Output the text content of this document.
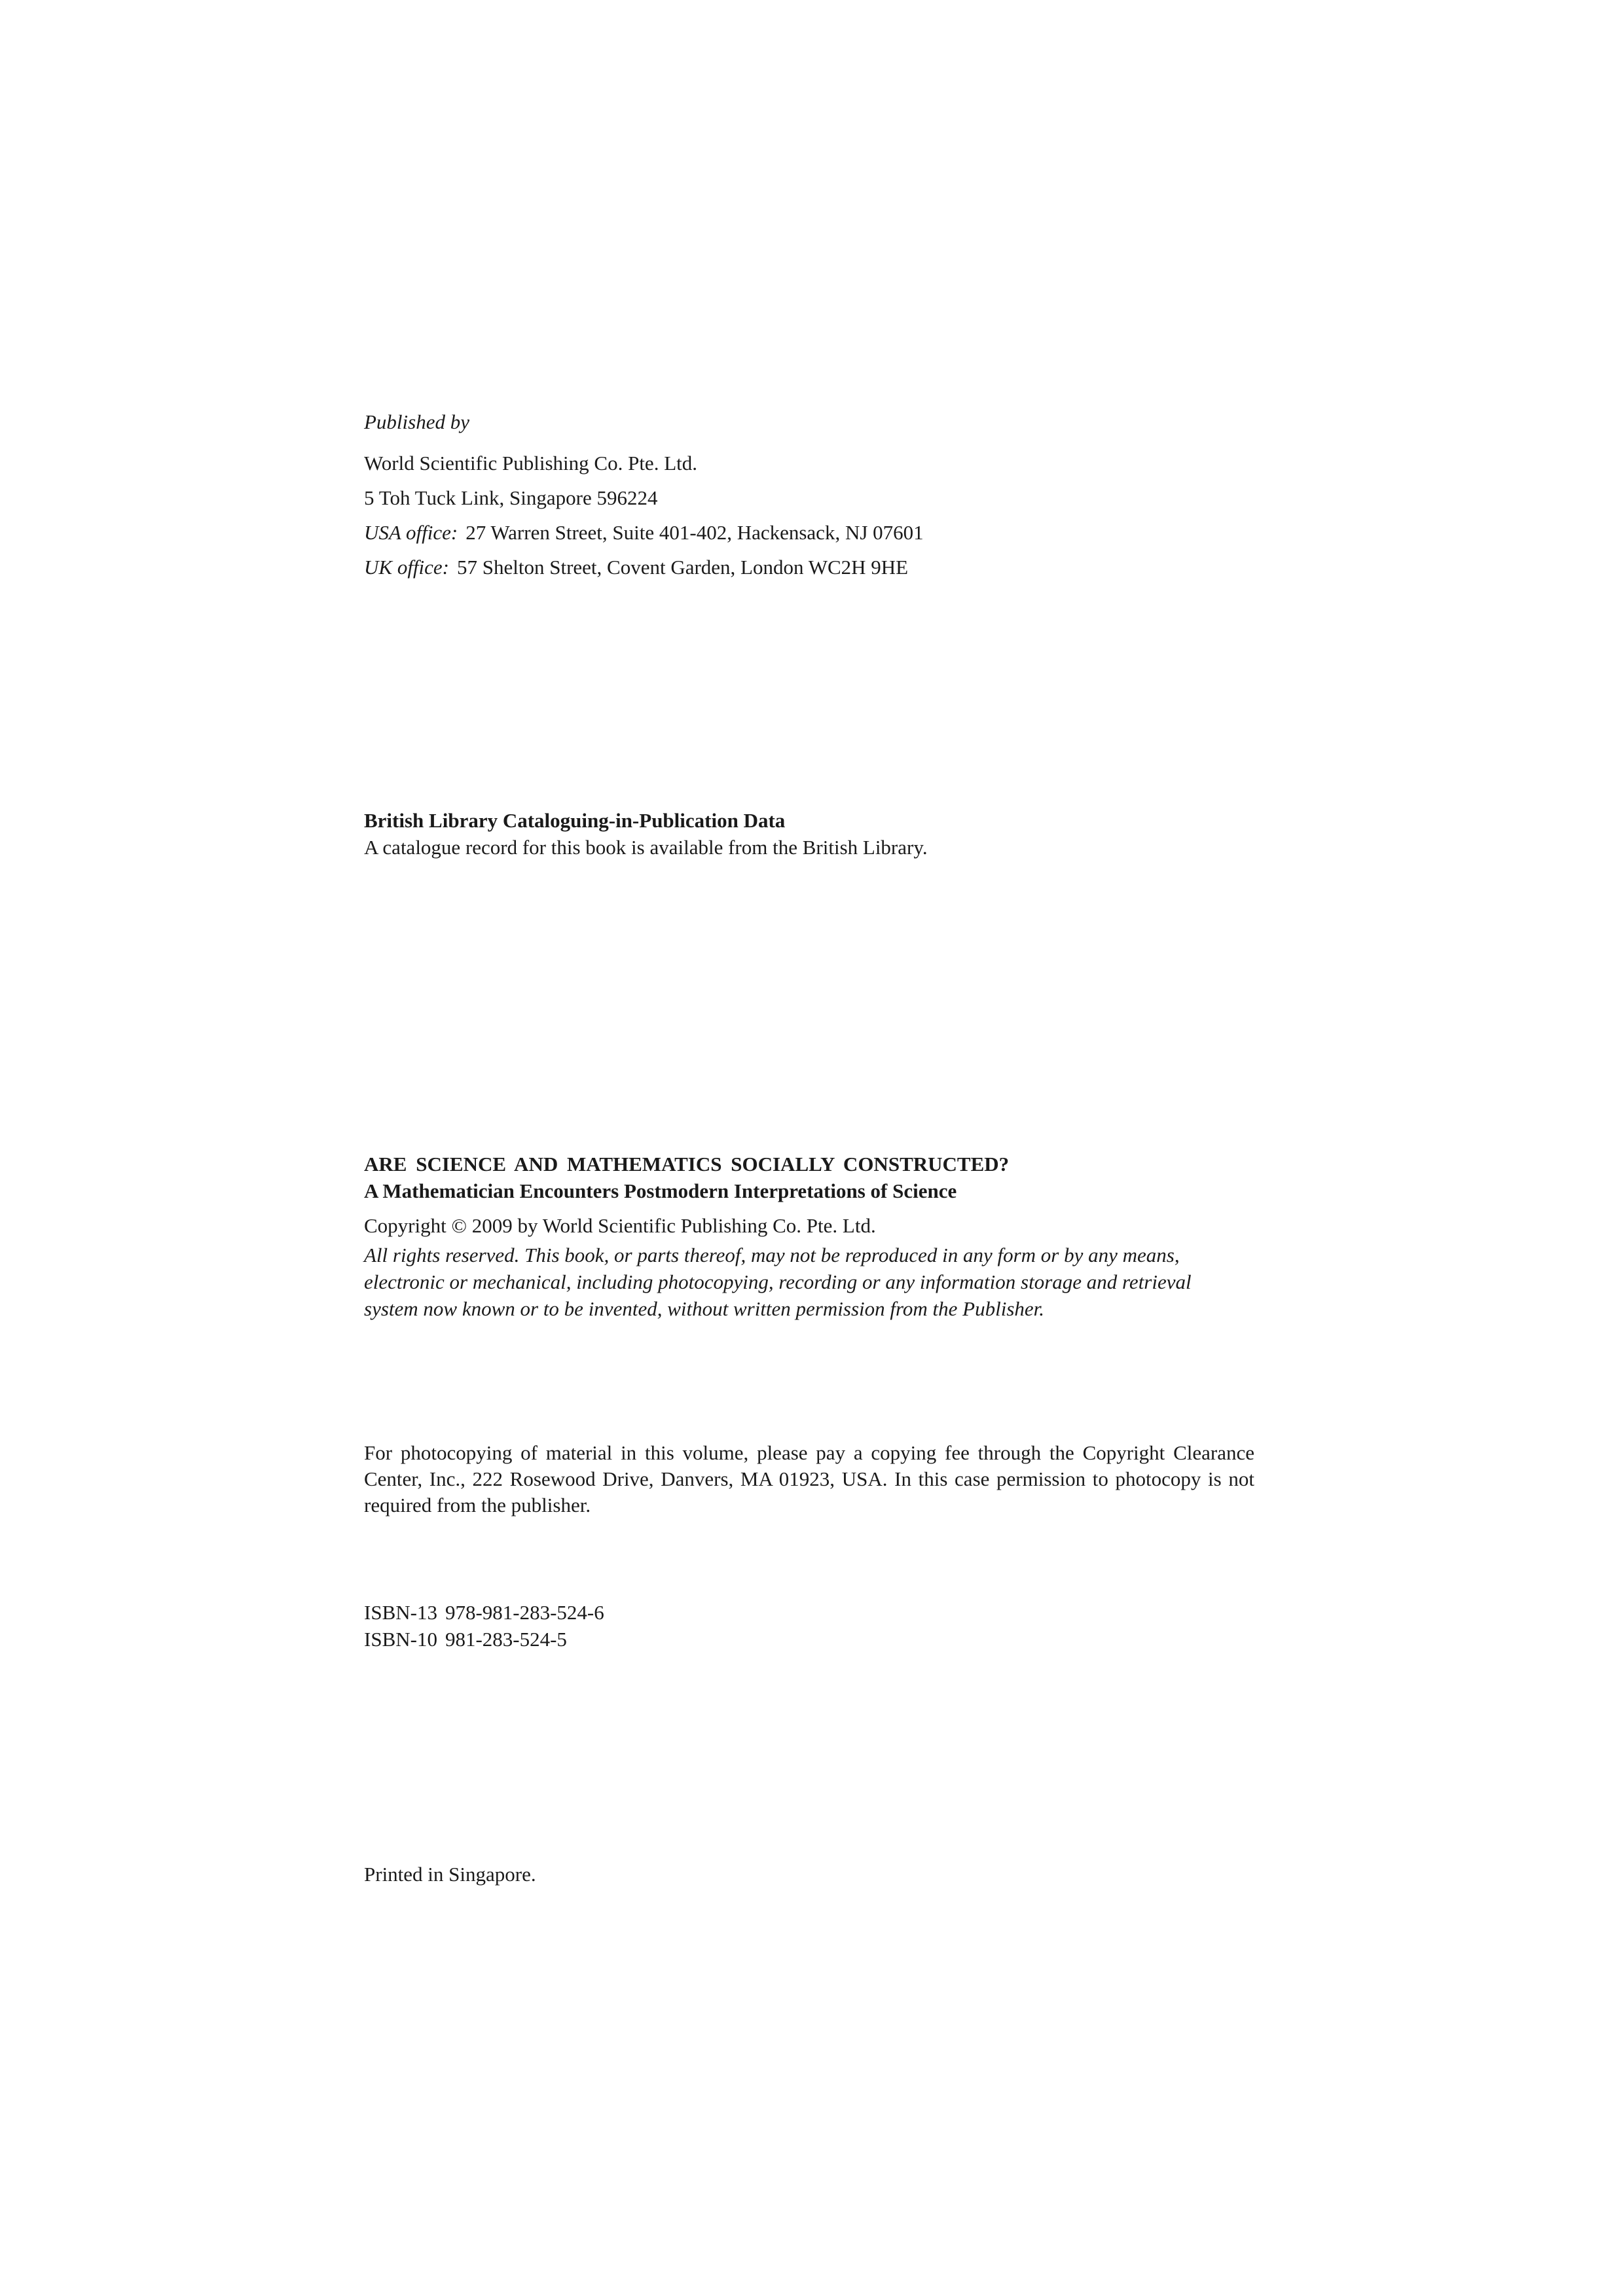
Published by
World Scientific Publishing Co. Pte. Ltd.
5 Toh Tuck Link, Singapore 596224
USA office: 27 Warren Street, Suite 401-402, Hackensack, NJ 07601
UK office: 57 Shelton Street, Covent Garden, London WC2H 9HE
British Library Cataloguing-in-Publication Data
A catalogue record for this book is available from the British Library.
ARE SCIENCE AND MATHEMATICS SOCIALLY CONSTRUCTED?
A Mathematician Encounters Postmodern Interpretations of Science
Copyright © 2009 by World Scientific Publishing Co. Pte. Ltd.
All rights reserved. This book, or parts thereof, may not be reproduced in any form or by any means,
electronic or mechanical, including photocopying, recording or any information storage and retrieval
system now known or to be invented, without written permission from the Publisher.
For photocopying of material in this volume, please pay a copying fee through the Copyright Clearance Center, Inc., 222 Rosewood Drive, Danvers, MA 01923, USA. In this case permission to photocopy is not required from the publisher.
ISBN-13 978-981-283-524-6
ISBN-10 981-283-524-5
Printed in Singapore.
